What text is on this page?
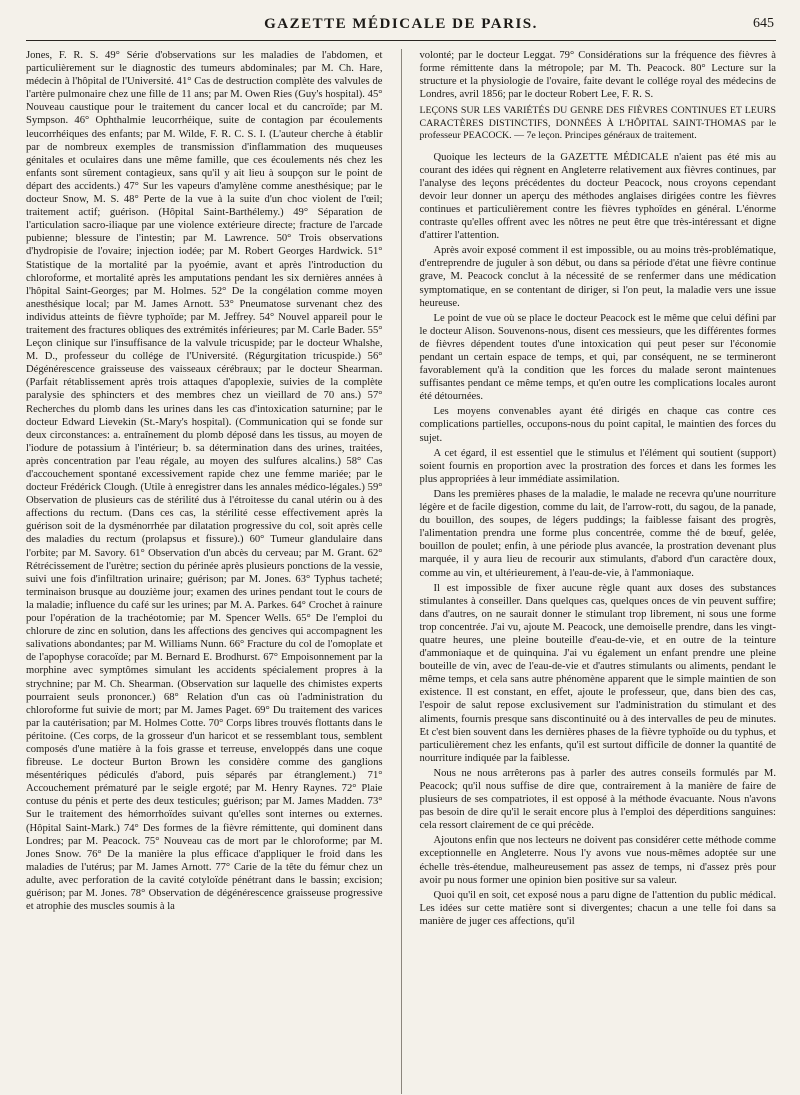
GAZETTE MÉDICALE DE PARIS.	645

Jones, F. R. S. 49° Série d'observations sur les maladies de l'abdomen, et particulièrement sur le diagnostic des tumeurs abdominales; par M. Ch. Hare, médecin à l'hôpital de l'Université. 41° Cas de destruction complète des valvules de l'artère pulmonaire chez une fille de 11 ans; par M. Owen Ries (Guy's hospital). 45° Nouveau caustique pour le traitement du cancer local et du cancroïde; par M. Sympson. 46° Ophthalmie leucorrhéique, suite de contagion par écoulements leucorrhéiques des enfants; par M. Wilde, F. R. C. S. I. (L'auteur cherche à établir par de nombreux exemples de transmission d'inflammation des muqueuses génitales et oculaires dans une même famille, que ces écoulements nés chez les enfants sont sûrement contagieux, sans qu'il y ait lieu à soupçon sur le point de départ des accidents.) 47° Sur les vapeurs d'amylène comme anesthésique; par le docteur Snow, M. S. 48° Perte de la vue à la suite d'un choc violent de l'œil; traitement actif; guérison. (Hôpital Saint-Barthélemy.) 49° Séparation de l'articulation sacro-iliaque par une violence extérieure directe; fracture de l'arcade pubienne; blessure de l'intestin; par M. Lawrence. 50° Trois observations d'hydropisie de l'ovaire; injection iodée; par M. Robert Georges Hardwick. 51° Statistique de la mortalité par la pyoémie, avant et après l'introduction du chloroforme, et mortalité après les amputations pendant les six dernières années à l'hôpital Saint-Georges; par M. Holmes. 52° De la congélation comme moyen anesthésique local; par M. James Arnott. 53° Pneumatose survenant chez des individus atteints de fièvre typhoïde; par M. Jeffrey. 54° Nouvel appareil pour le traitement des fractures obliques des extrémités inférieures; par M. Carle Bader. 55° Leçon clinique sur l'insuffisance de la valvule tricuspide; par le docteur Whalshe, M. D., professeur du collége de l'Université. (Régurgitation tricuspide.) 56° Dégénérescence graisseuse des vaisseaux cérébraux; par le docteur Shearman. (Parfait rétablissement après trois attaques d'apoplexie, suivies de la complète paralysie des sphincters et des membres chez un vieillard de 70 ans.) 57° Recherches du plomb dans les urines dans les cas d'intoxication saturnine; par le docteur Edward Lievekin (St.-Mary's hospital). (Communication qui se fonde sur deux circonstances: a. entraînement du plomb déposé dans les tissus, au moyen de l'iodure de potassium à l'intérieur; b. sa détermination dans des urines, traitées, après concentration par l'eau régale, au moyen des sulfures alcalins.) 58° Cas d'accouchement spontané excessivement rapide chez une femme mariée; par le docteur Frédérick Clough. (Utile à enregistrer dans les annales médico-légales.) 59° Observation de plusieurs cas de stérilité dus à l'étroitesse du canal utérin ou à des affections du rectum. (Dans ces cas, la stérilité cesse effectivement après la guérison soit de la dysménorrhée par dilatation progressive du col, soit après celle des maladies du rectum (prolapsus et fissure).) 60° Tumeur glandulaire dans l'orbite; par M. Savory. 61° Observation d'un abcès du cerveau; par M. Grant. 62° Rétrécissement de l'urètre; section du périnée après plusieurs ponctions de la vessie, suivi une fois d'infiltration urinaire; guérison; par M. Jones. 63° Typhus tacheté; terminaison brusque au douzième jour; examen des urines pendant tout le cours de la maladie; influence du café sur les urines; par M. A. Parkes. 64° Crochet à rainure pour l'opération de la trachéotomie; par M. Spencer Wells. 65° De l'emploi du chlorure de zinc en solution, dans les affections des gencives qui accompagnent les salivations abondantes; par M. Williams Nunn. 66° Fracture du col de l'omoplate et de l'apophyse coracoïde; par M. Bernard E. Brodhurst. 67° Empoisonnement par la morphine avec symptômes simulant les accidents spécialement propres à la strychnine; par M. Ch. Shearman. (Observation sur laquelle des chimistes experts pourraient seuls prononcer.) 68° Relation d'un cas où l'administration du chloroforme fut suivie de mort; par M. James Paget. 69° Du traitement des varices par la cautérisation; par M. Holmes Cotte. 70° Corps libres trouvés flottants dans le péritoine. (Ces corps, de la grosseur d'un haricot et se ressemblant tous, semblent composés d'une matière à la fois grasse et terreuse, enveloppés dans une coque fibreuse. Le docteur Burton Brown les considère comme des ganglions mésentériques pédiculés d'abord, puis séparés par étranglement.) 71° Accouchement prématuré par le seigle ergoté; par M. Henry Raynes. 72° Plaie contuse du pénis et perte des deux testicules; guérison; par M. James Madden. 73° Sur le traitement des hémorrhoïdes suivant qu'elles sont internes ou externes. (Hôpital Saint-Mark.) 74° Des formes de la fièvre rémittente, qui dominent dans Londres; par M. Peacock. 75° Nouveau cas de mort par le chloroforme; par M. Jones Snow. 76° De la manière la plus efficace d'appliquer le froid dans les maladies de l'utérus; par M. James Arnott. 77° Carie de la tête du fémur chez un adulte, avec perforation de la cavité cotyloïde pénétrant dans le bassin; excision; guérison; par M. Jones. 78° Observation de dégénérescence graisseuse progressive et atrophie des muscles soumis à la

volonté; par le docteur Leggat. 79° Considérations sur la fréquence des fièvres à forme rémittente dans la métropole; par M. Th. Peacock. 80° Lecture sur la structure et la physiologie de l'ovaire, faite devant le collége royal des médecins de Londres, avril 1856; par le docteur Robert Lee, F. R. S.

LEÇONS SUR LES VARIÉTÉS DU GENRE DES FIÈVRES CONTINUES ET LEURS CARACTÈRES DISTINCTIFS, DONNÉES À L'HÔPITAL SAINT-THOMAS par le professeur PEACOCK. — 7e leçon. Principes généraux de traitement.

Quoique les lecteurs de la GAZETTE MÉDICALE n'aient pas été mis au courant des idées qui règnent en Angleterre relativement aux fièvres continues, par l'analyse des leçons précédentes du docteur Peacock, nous croyons cependant devoir leur donner un aperçu des méthodes anglaises dirigées contre les fièvres continues et particulièrement contre les fièvres typhoïdes en général. L'énorme contraste qu'elles offrent avec les nôtres ne peut être que très-intéressant et digne d'attirer l'attention.

Après avoir exposé comment il est impossible, ou au moins très-problématique, d'entreprendre de juguler à son début, ou dans sa période d'état une fièvre continue grave, M. Peacock conclut à la nécessité de se renfermer dans une médication symptomatique, en se contentant de diriger, si l'on peut, la maladie vers une issue heureuse.

Le point de vue où se place le docteur Peacock est le même que celui défini par le docteur Alison. Souvenons-nous, disent ces messieurs, que les différentes formes de fièvres dépendent toutes d'une intoxication qui peut peser sur l'économie pendant un certain espace de temps, et qui, par conséquent, ne se termineront favorablement qu'à la condition que les forces du malade seront maintenues suffisantes pendant ce même temps, et qu'en outre les complications locales auront été détournées.

Les moyens convenables ayant été dirigés en chaque cas contre ces complications partielles, occupons-nous du point capital, le maintien des forces du sujet.

A cet égard, il est essentiel que le stimulus et l'élément qui soutient (support) soient fournis en proportion avec la prostration des forces et dans les formes les plus appropriées à leur immédiate assimilation.

Dans les premières phases de la maladie, le malade ne recevra qu'une nourriture légère et de facile digestion, comme du lait, de l'arrow-rott, du sagou, de la panade, du bouillon, des soupes, de légers puddings; la faiblesse faisant des progrès, l'alimentation prendra une forme plus concentrée, comme thé de bœuf, gelée, bouillon de poulet; enfin, à une période plus avancée, la prostration devenant plus marquée, il y aura lieu de recourir aux stimulants, d'abord d'un caractère doux, comme au vin, et ultérieurement, à l'eau-de-vie, à l'ammoniaque.

Il est impossible de fixer aucune règle quant aux doses des substances stimulantes à conseiller. Dans quelques cas, quelques onces de vin peuvent suffire; dans d'autres, on ne saurait donner le stimulant trop librement, ni sous une forme trop concentrée. J'ai vu, ajoute M. Peacock, une demoiselle prendre, dans les vingt-quatre heures, une pleine bouteille d'eau-de-vie, et en outre de la teinture d'ammoniaque et de quinquina. J'ai vu également un enfant prendre une pleine bouteille de vin, avec de l'eau-de-vie et d'autres stimulants ou aliments, pendant le même temps, et cela sans autre phénomène apparent que le simple maintien de son existence. Il est constant, en effet, ajoute le professeur, que, dans bien des cas, l'espoir de salut repose exclusivement sur l'administration du stimulant et des aliments, fournis presque sans discontinuité ou à des intervalles de peu de minutes. Et c'est bien souvent dans les dernières phases de la fièvre typhoïde ou du typhus, et particulièrement chez les enfants, qu'il est surtout difficile de donner la quantité de nourriture indiquée par la faiblesse.

Nous ne nous arrêterons pas à parler des autres conseils formulés par M. Peacock; qu'il nous suffise de dire que, contrairement à la manière de faire de plusieurs de ses compatriotes, il est opposé à la méthode évacuante. Nous n'avons pas besoin de dire qu'il le serait encore plus à l'emploi des déperditions sanguines: cela ressort clairement de ce qui précède.

Ajoutons enfin que nos lecteurs ne doivent pas considérer cette méthode comme exceptionnelle en Angleterre. Nous l'y avons vue nous-mêmes adoptée sur une échelle très-étendue, malheureusement pas assez de temps, ni d'assez près pour avoir pu nous former une opinion bien positive sur sa valeur.

Quoi qu'il en soit, cet exposé nous a paru digne de l'attention du public médical. Les idées sur cette matière sont si divergentes; chacun a une telle foi dans sa manière de juger ces affections, qu'il
